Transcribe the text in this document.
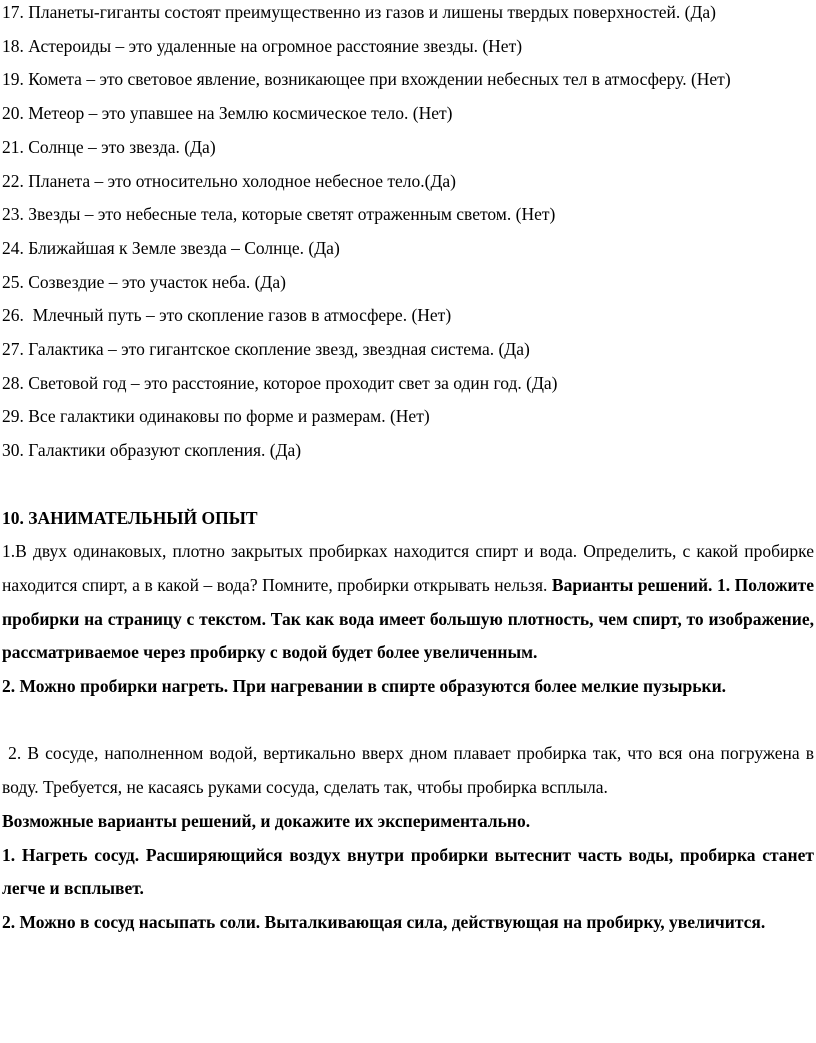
17. Планеты-гиганты состоят преимущественно из газов и лишены твердых поверхностей. (Да)

18. Астероиды – это удаленные на огромное расстояние звезды. (Нет)

19. Комета – это световое явление, возникающее при вхождении небесных тел в атмосферу. (Нет)

20. Метеор – это упавшее на Землю космическое тело. (Нет)

21. Солнце – это звезда. (Да)

22. Планета – это относительно холодное небесное тело.(Да)

23. Звезды – это небесные тела, которые светят отраженным светом. (Нет)

24. Ближайшая к Земле звезда – Солнце. (Да)

25. Созвездие – это участок неба. (Да)

26.  Млечный путь – это скопление газов в атмосфере. (Нет)

27. Галактика – это гигантское скопление звезд, звездная система. (Да)

28. Световой год – это расстояние, которое проходит свет за один год. (Да)

29. Все галактики одинаковы по форме и размерам. (Нет)

30. Галактики образуют скопления. (Да)

10. ЗАНИМАТЕЛЬНЫЙ ОПЫТ

1.В двух одинаковых, плотно закрытых пробирках находится спирт и вода. Определить, с какой пробирке находится спирт, а в какой – вода? Помните, пробирки открывать нельзя. Варианты решений. 1. Положите пробирки на страницу с текстом. Так как вода имеет большую плотность, чем спирт, то изображение, рассматриваемое через пробирку с водой будет более увеличенным.

2. Можно пробирки нагреть. При нагревании в спирте образуются более мелкие пузырьки.

2. В сосуде, наполненном водой, вертикально вверх дном плавает пробирка так, что вся она погружена в воду. Требуется, не касаясь руками сосуда, сделать так, чтобы пробирка всплыла.

Возможные варианты решений, и докажите их экспериментально.

1. Нагреть сосуд. Расширяющийся воздух внутри пробирки вытеснит часть воды, пробирка станет легче и всплывет.

2. Можно в сосуд насыпать соли. Выталкивающая сила, действующая на пробирку, увеличится.
